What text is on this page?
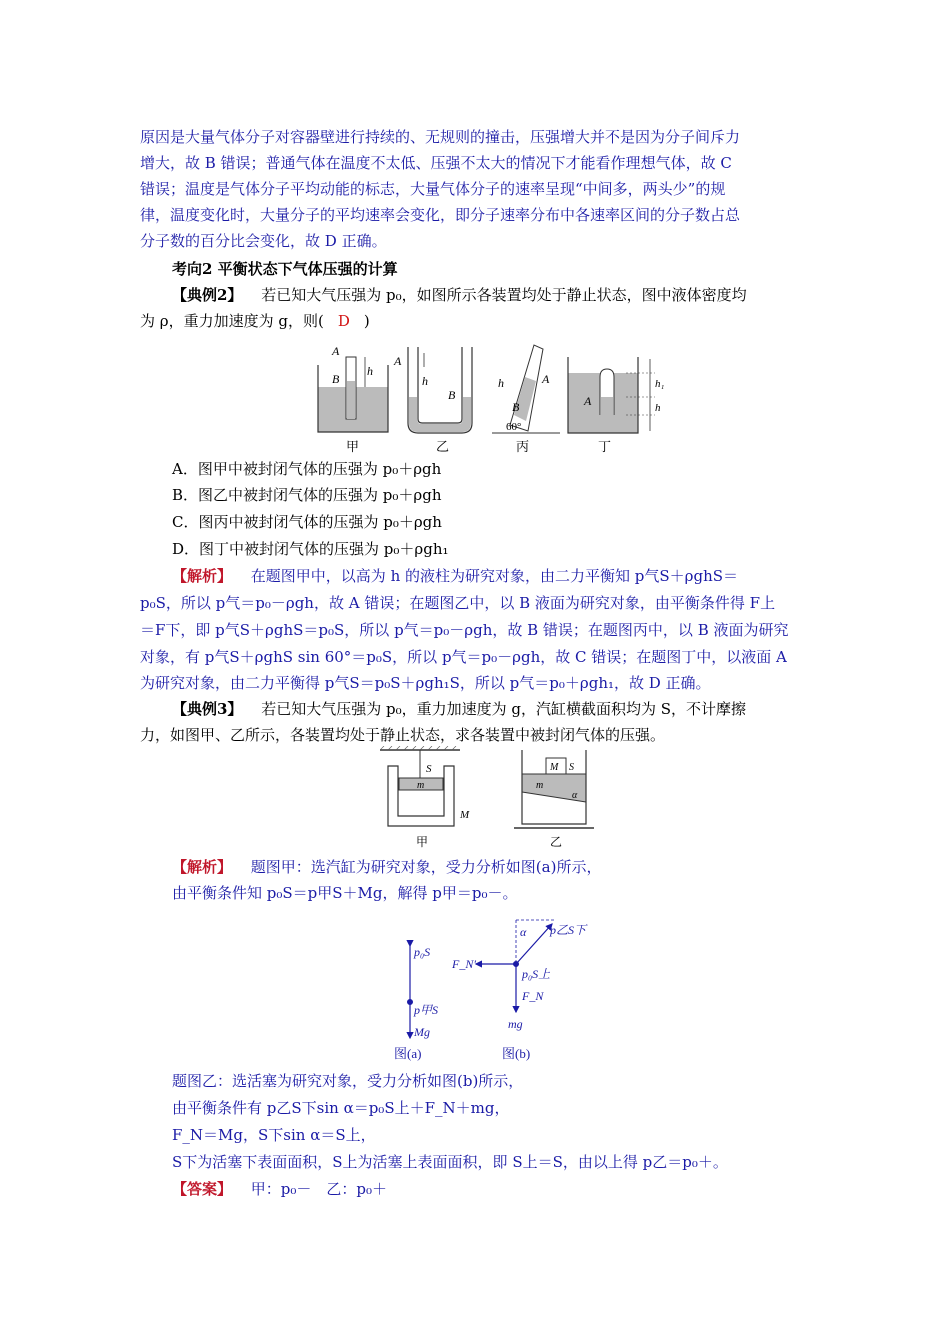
原因是大量气体分子对容器壁进行持续的、无规则的撞击，压强增大并不是因为分子间斥力
增大，故 B 错误；普通气体在温度不太低、压强不太大的情况下才能看作理想气体，故 C
错误；温度是气体分子平均动能的标志，大量气体分子的速率呈现“中间多，两头少”的规
律，温度变化时，大量分子的平均速率会变化，即分子速率分布中各速率区间的分子数占总
分子数的百分比会变化，故 D 正确。
考向2 平衡状态下气体压强的计算
【典例2】 若已知大气压强为 p₀，如图所示各装置均处于静止状态，图中液体密度均
为 ρ，重力加速度为 g，则( D )
A
B
h
A
h
B
h	A
B
60°
A
h₁
h
甲	乙	丙	丁
A．图甲中被封闭气体的压强为 p₀＋ρgh
B．图乙中被封闭气体的压强为 p₀＋ρgh
C．图丙中被封闭气体的压强为 p₀＋ρgh
D．图丁中被封闭气体的压强为 p₀＋ρgh₁
【解析】 在题图甲中，以高为 h 的液柱为研究对象，由二力平衡知 p气S＋ρghS＝
p₀S，所以 p气＝p₀－ρgh，故 A 错误；在题图乙中，以 B 液面为研究对象，由平衡条件得 F上
＝F下，即 p气S＋ρghS＝p₀S，所以 p气＝p₀－ρgh，故 B 错误；在题图丙中，以 B 液面为研究
对象，有 p气S＋ρghS sin 60°＝p₀S，所以 p气＝p₀－ρgh，故 C 错误；在题图丁中，以液面 A
为研究对象，由二力平衡得 p气S＝p₀S＋ρgh₁S，所以 p气＝p₀＋ρgh₁，故 D 正确。
【典例3】 若已知大气压强为 p₀，重力加速度为 g，汽缸横截面积均为 S，不计摩擦
力，如图甲、乙所示，各装置均处于静止状态，求各装置中被封闭气体的压强。
S
m
M
M S
m
α
甲	乙
【解析】 题图甲：选汽缸为研究对象，受力分析如图(a)所示，
由平衡条件知 p₀S＝p甲S＋Mg，解得 p甲＝p₀－。
p₀S
p甲S
Mg
α p乙S下
F_N′
p₀S上
F_N
mg
图(a)	图(b)
题图乙：选活塞为研究对象，受力分析如图(b)所示，
由平衡条件有 p乙S下sin α＝p₀S上＋F_N＋mg，
F_N＝Mg，S下sin α＝S上，
S下为活塞下表面面积，S上为活塞上表面面积，即 S上＝S，由以上得 p乙＝p₀＋。
【答案】 甲：p₀－　乙：p₀＋
